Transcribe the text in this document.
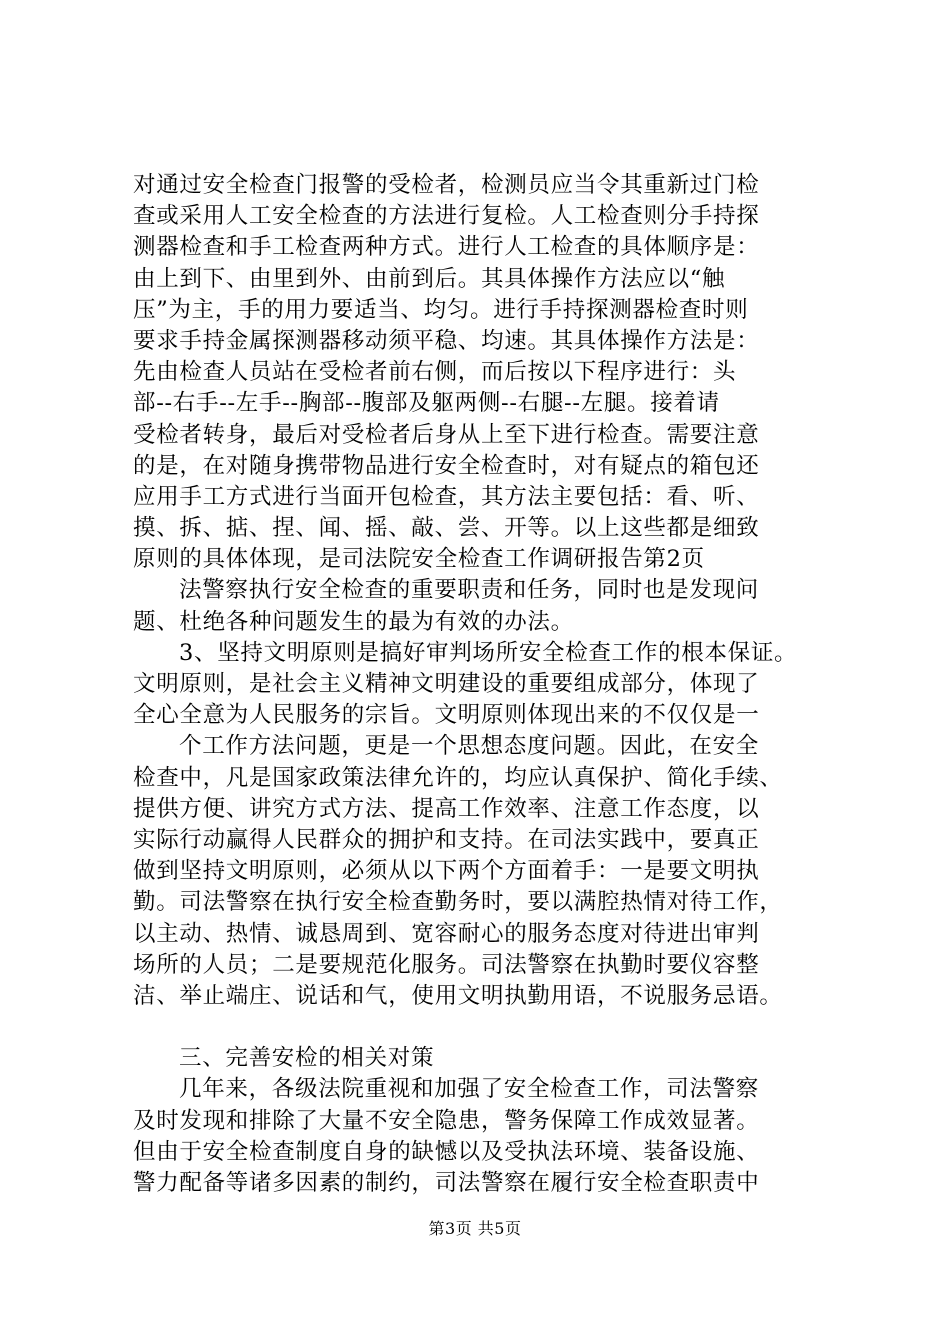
对通过安全检查门报警的受检者，检测员应当令其重新过门检
查或采用人工安全检查的方法进行复检。人工检查则分手持探
测器检查和手工检查两种方式。进行人工检查的具体顺序是：
由上到下、由里到外、由前到后。其具体操作方法应以“触
压”为主，手的用力要适当、均匀。进行手持探测器检查时则
要求手持金属探测器移动须平稳、均速。其具体操作方法是：
先由检查人员站在受检者前右侧，而后按以下程序进行：头
部--右手--左手--胸部--腹部及躯两侧--右腿--左腿。接着请
受检者转身，最后对受检者后身从上至下进行检查。需要注意
的是，在对随身携带物品进行安全检查时，对有疑点的箱包还
应用手工方式进行当面开包检查，其方法主要包括：看、听、
摸、拆、掂、捏、闻、摇、敲、尝、开等。以上这些都是细致
原则的具体体现，是司法院安全检查工作调研报告第2页
法警察执行安全检查的重要职责和任务，同时也是发现问
题、杜绝各种问题发生的最为有效的办法。
3、坚持文明原则是搞好审判场所安全检查工作的根本保证。
文明原则，是社会主义精神文明建设的重要组成部分，体现了
全心全意为人民服务的宗旨。文明原则体现出来的不仅仅是一
个工作方法问题，更是一个思想态度问题。因此，在安全
检查中，凡是国家政策法律允许的，均应认真保护、简化手续、
提供方便、讲究方式方法、提高工作效率、注意工作态度，以
实际行动赢得人民群众的拥护和支持。在司法实践中，要真正
做到坚持文明原则，必须从以下两个方面着手：一是要文明执
勤。司法警察在执行安全检查勤务时，要以满腔热情对待工作，
以主动、热情、诚恳周到、宽容耐心的服务态度对待进出审判
场所的人员；二是要规范化服务。司法警察在执勤时要仪容整
洁、举止端庄、说话和气，使用文明执勤用语，不说服务忌语。
三、完善安检的相关对策
几年来，各级法院重视和加强了安全检查工作，司法警察
及时发现和排除了大量不安全隐患，警务保障工作成效显著。
但由于安全检查制度自身的缺憾以及受执法环境、装备设施、
警力配备等诸多因素的制约，司法警察在履行安全检查职责中
第3页 共5页
